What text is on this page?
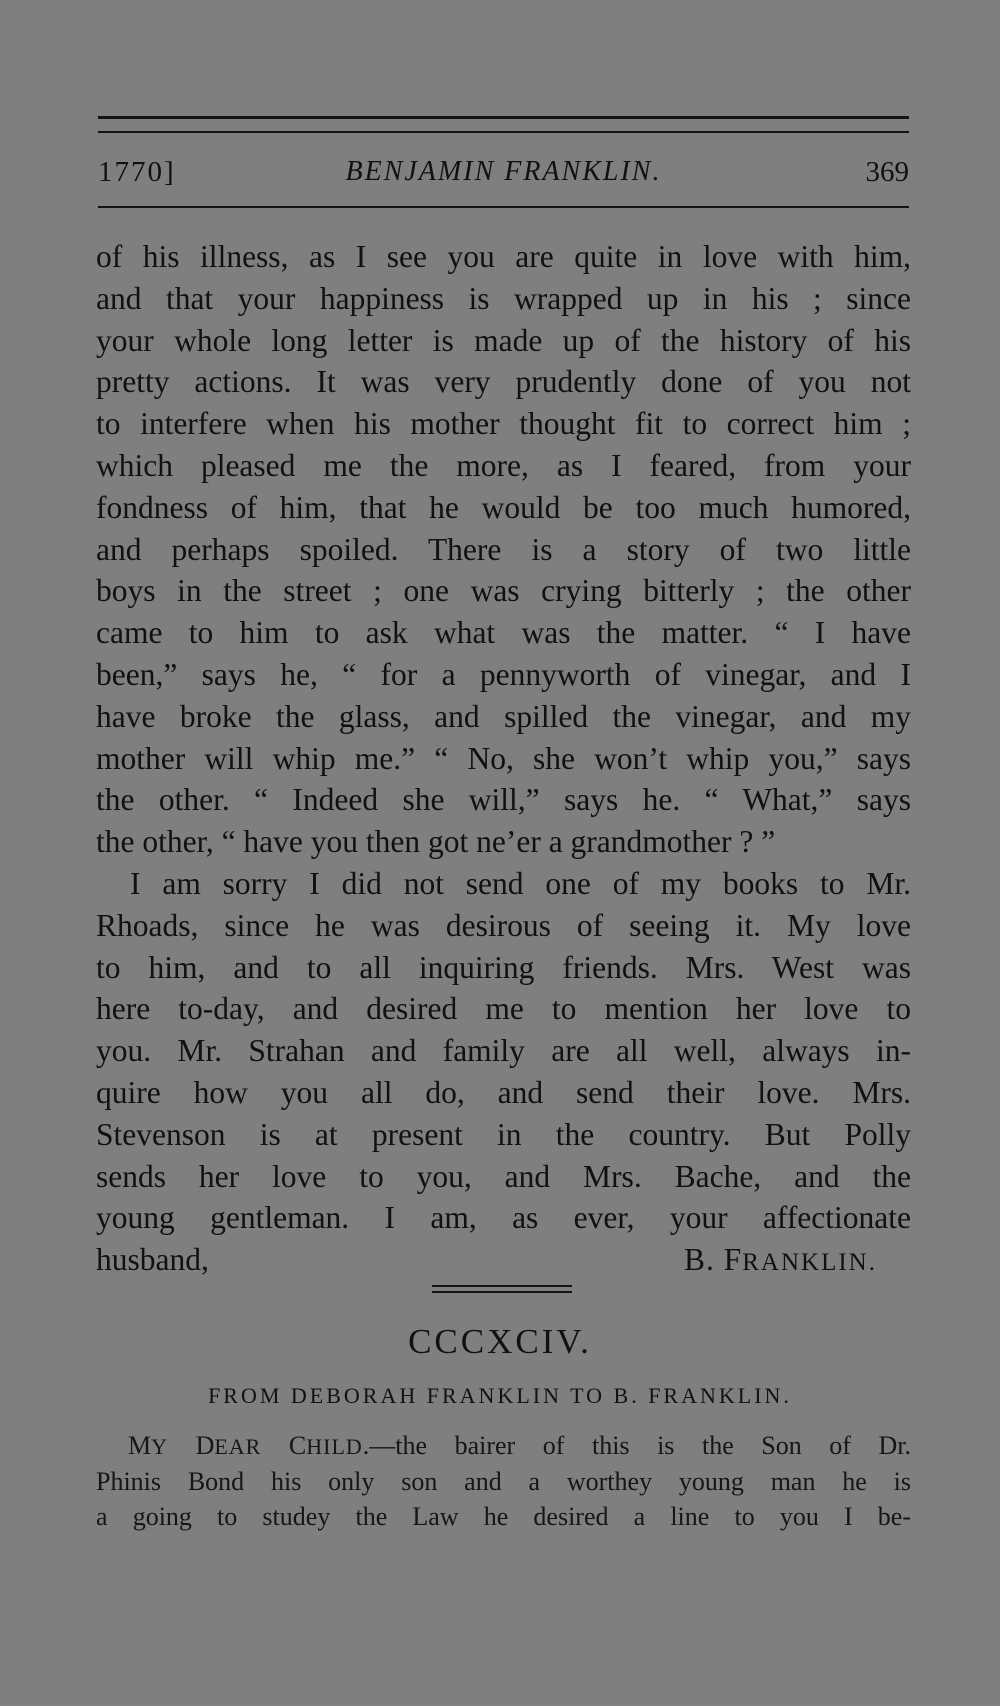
1770]	BENJAMIN FRANKLIN.	369
of his illness, as I see you are quite in love with him,
and that your happiness is wrapped up in his ; since
your whole long letter is made up of the history of his
pretty actions. It was very prudently done of you not
to interfere when his mother thought fit to correct him ;
which pleased me the more, as I feared, from your
fondness of him, that he would be too much humored,
and perhaps spoiled. There is a story of two little
boys in the street ; one was crying bitterly ; the other
came to him to ask what was the matter. “ I have
been,” says he, “ for a pennyworth of vinegar, and I
have broke the glass, and spilled the vinegar, and my
mother will whip me.” “ No, she won’t whip you,” says
the other. “ Indeed she will,” says he. “ What,” says
the other, “ have you then got ne’er a grandmother ? ”
I am sorry I did not send one of my books to Mr.
Rhoads, since he was desirous of seeing it. My love
to him, and to all inquiring friends. Mrs. West was
here to-day, and desired me to mention her love to
you. Mr. Strahan and family are all well, always in-
quire how you all do, and send their love. Mrs.
Stevenson is at present in the country. But Polly
sends her love to you, and Mrs. Bache, and the
young gentleman. I am, as ever, your affectionate
husband,	B. FRANKLIN.
CCCXCIV.
FROM DEBORAH FRANKLIN TO B. FRANKLIN.
MY DEAR CHILD.—the bairer of this is the Son of Dr.
Phinis Bond his only son and a worthey young man he is
a going to studey the Law he desired a line to you I be-
